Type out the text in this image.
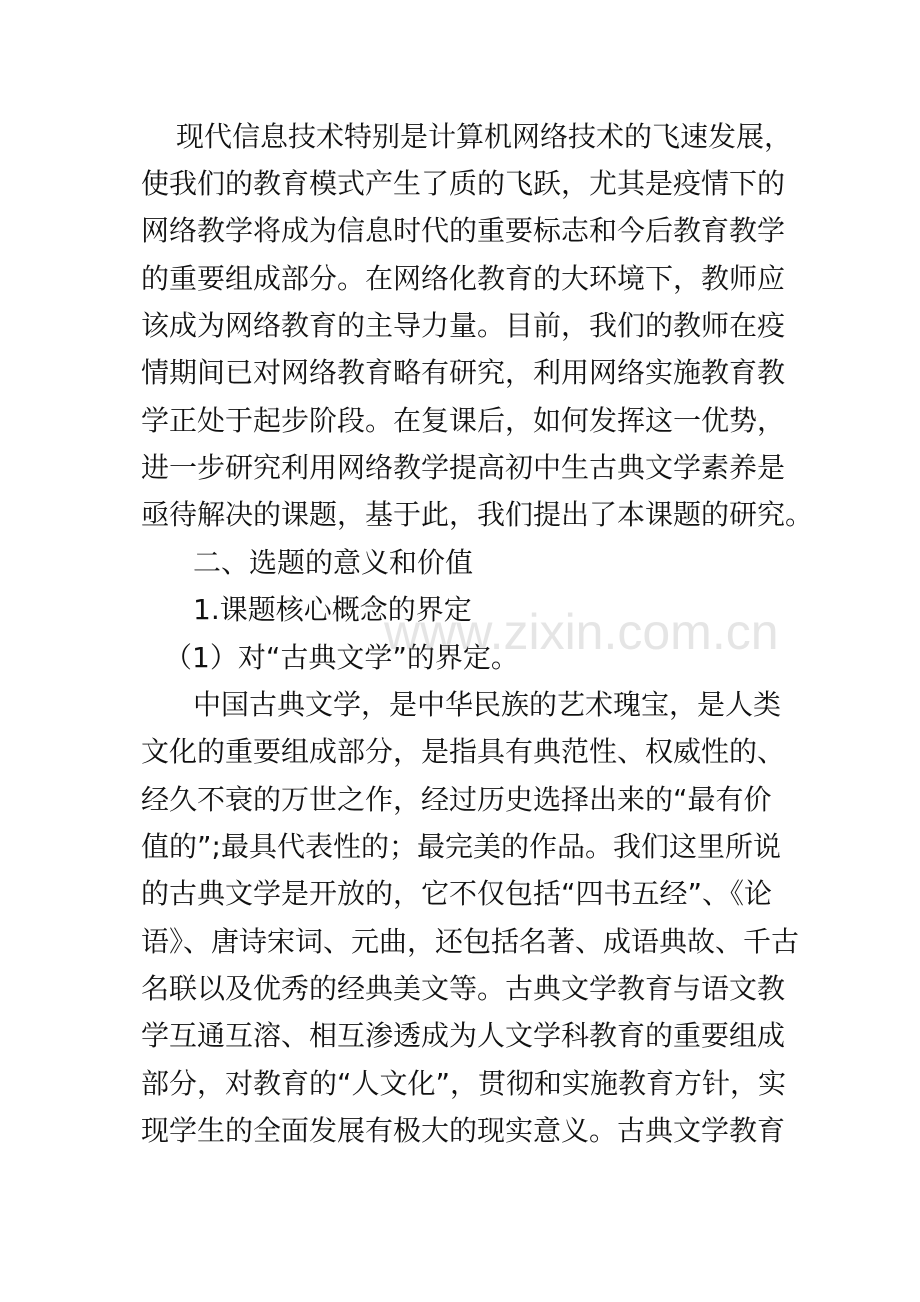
现代信息技术特别是计算机网络技术的飞速发展，
使我们的教育模式产生了质的飞跃，尤其是疫情下的
网络教学将成为信息时代的重要标志和今后教育教学
的重要组成部分。在网络化教育的大环境下，教师应
该成为网络教育的主导力量。目前，我们的教师在疫
情期间已对网络教育略有研究，利用网络实施教育教
学正处于起步阶段。在复课后，如何发挥这一优势，
进一步研究利用网络教学提高初中生古典文学素养是
亟待解决的课题，基于此，我们提出了本课题的研究。
二、选题的意义和价值
1.课题核心概念的界定
（1）对“古典文学”的界定。
中国古典文学，是中华民族的艺术瑰宝，是人类
文化的重要组成部分，是指具有典范性、权威性的、
经久不衰的万世之作，经过历史选择出来的“最有价
值的”;最具代表性的；最完美的作品。我们这里所说
的古典文学是开放的，它不仅包括“四书五经”、《论
语》、唐诗宋词、元曲，还包括名著、成语典故、千古
名联以及优秀的经典美文等。古典文学教育与语文教
学互通互溶、相互渗透成为人文学科教育的重要组成
部分，对教育的“人文化”，贯彻和实施教育方针，实
现学生的全面发展有极大的现实意义。古典文学教育
www.zixin.com.cn
